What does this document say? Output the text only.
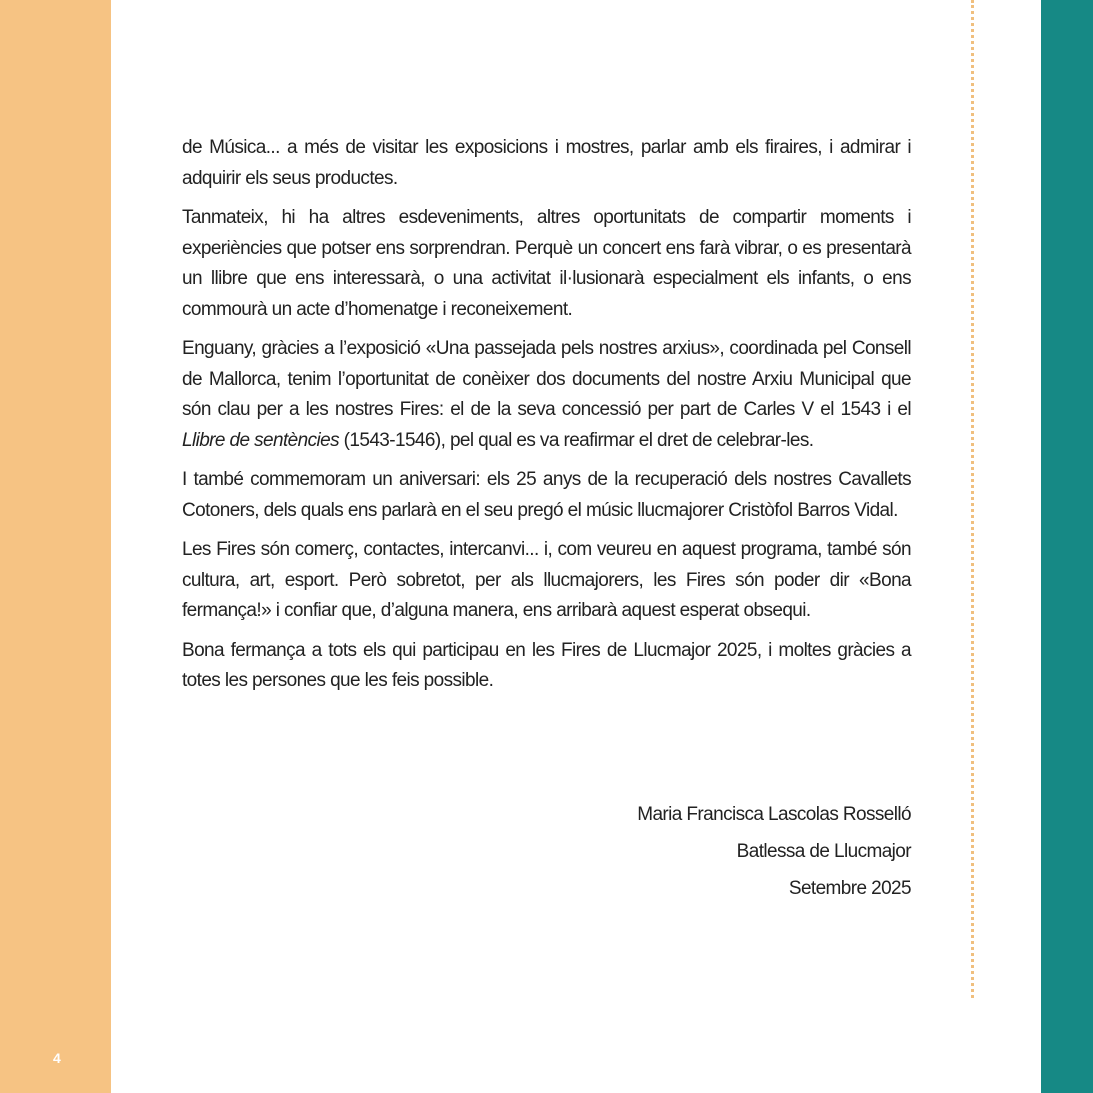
Fires Llucmajor
4

de Música... a més de visitar les exposicions i mostres, parlar amb els firaires, i admirar i adquirir els seus productes.

Tanmateix, hi ha altres esdeveniments, altres oportunitats de compartir moments i experiències que potser ens sorprendran. Perquè un concert ens farà vibrar, o es presentarà un llibre que ens interessarà, o una activitat il·lusionarà especialment els infants, o ens commourà un acte d’homenatge i reconeixement.

Enguany, gràcies a l’exposició «Una passejada pels nostres arxius», coordinada pel Consell de Mallorca, tenim l’oportunitat de conèixer dos documents del nostre Arxiu Municipal que són clau per a les nostres Fires: el de la seva concessió per part de Carles V el 1543 i el Llibre de sentències (1543-1546), pel qual es va reafirmar el dret de celebrar-les.

I també commemoram un aniversari: els 25 anys de la recuperació dels nostres Cavallets Cotoners, dels quals ens parlarà en el seu pregó el músic llucmajorer Cristòfol Barros Vidal.

Les Fires són comerç, contactes, intercanvi... i, com veureu en aquest programa, també són cultura, art, esport. Però sobretot, per als llucmajorers, les Fires són poder dir «Bona fermança!» i confiar que, d’alguna manera, ens arribarà aquest esperat obsequi.

Bona fermança a tots els qui participau en les Fires de Llucmajor 2025, i moltes gràcies a totes les persones que les feis possible.

Maria Francisca Lascolas Rosselló
Batlessa de Llucmajor
Setembre 2025
